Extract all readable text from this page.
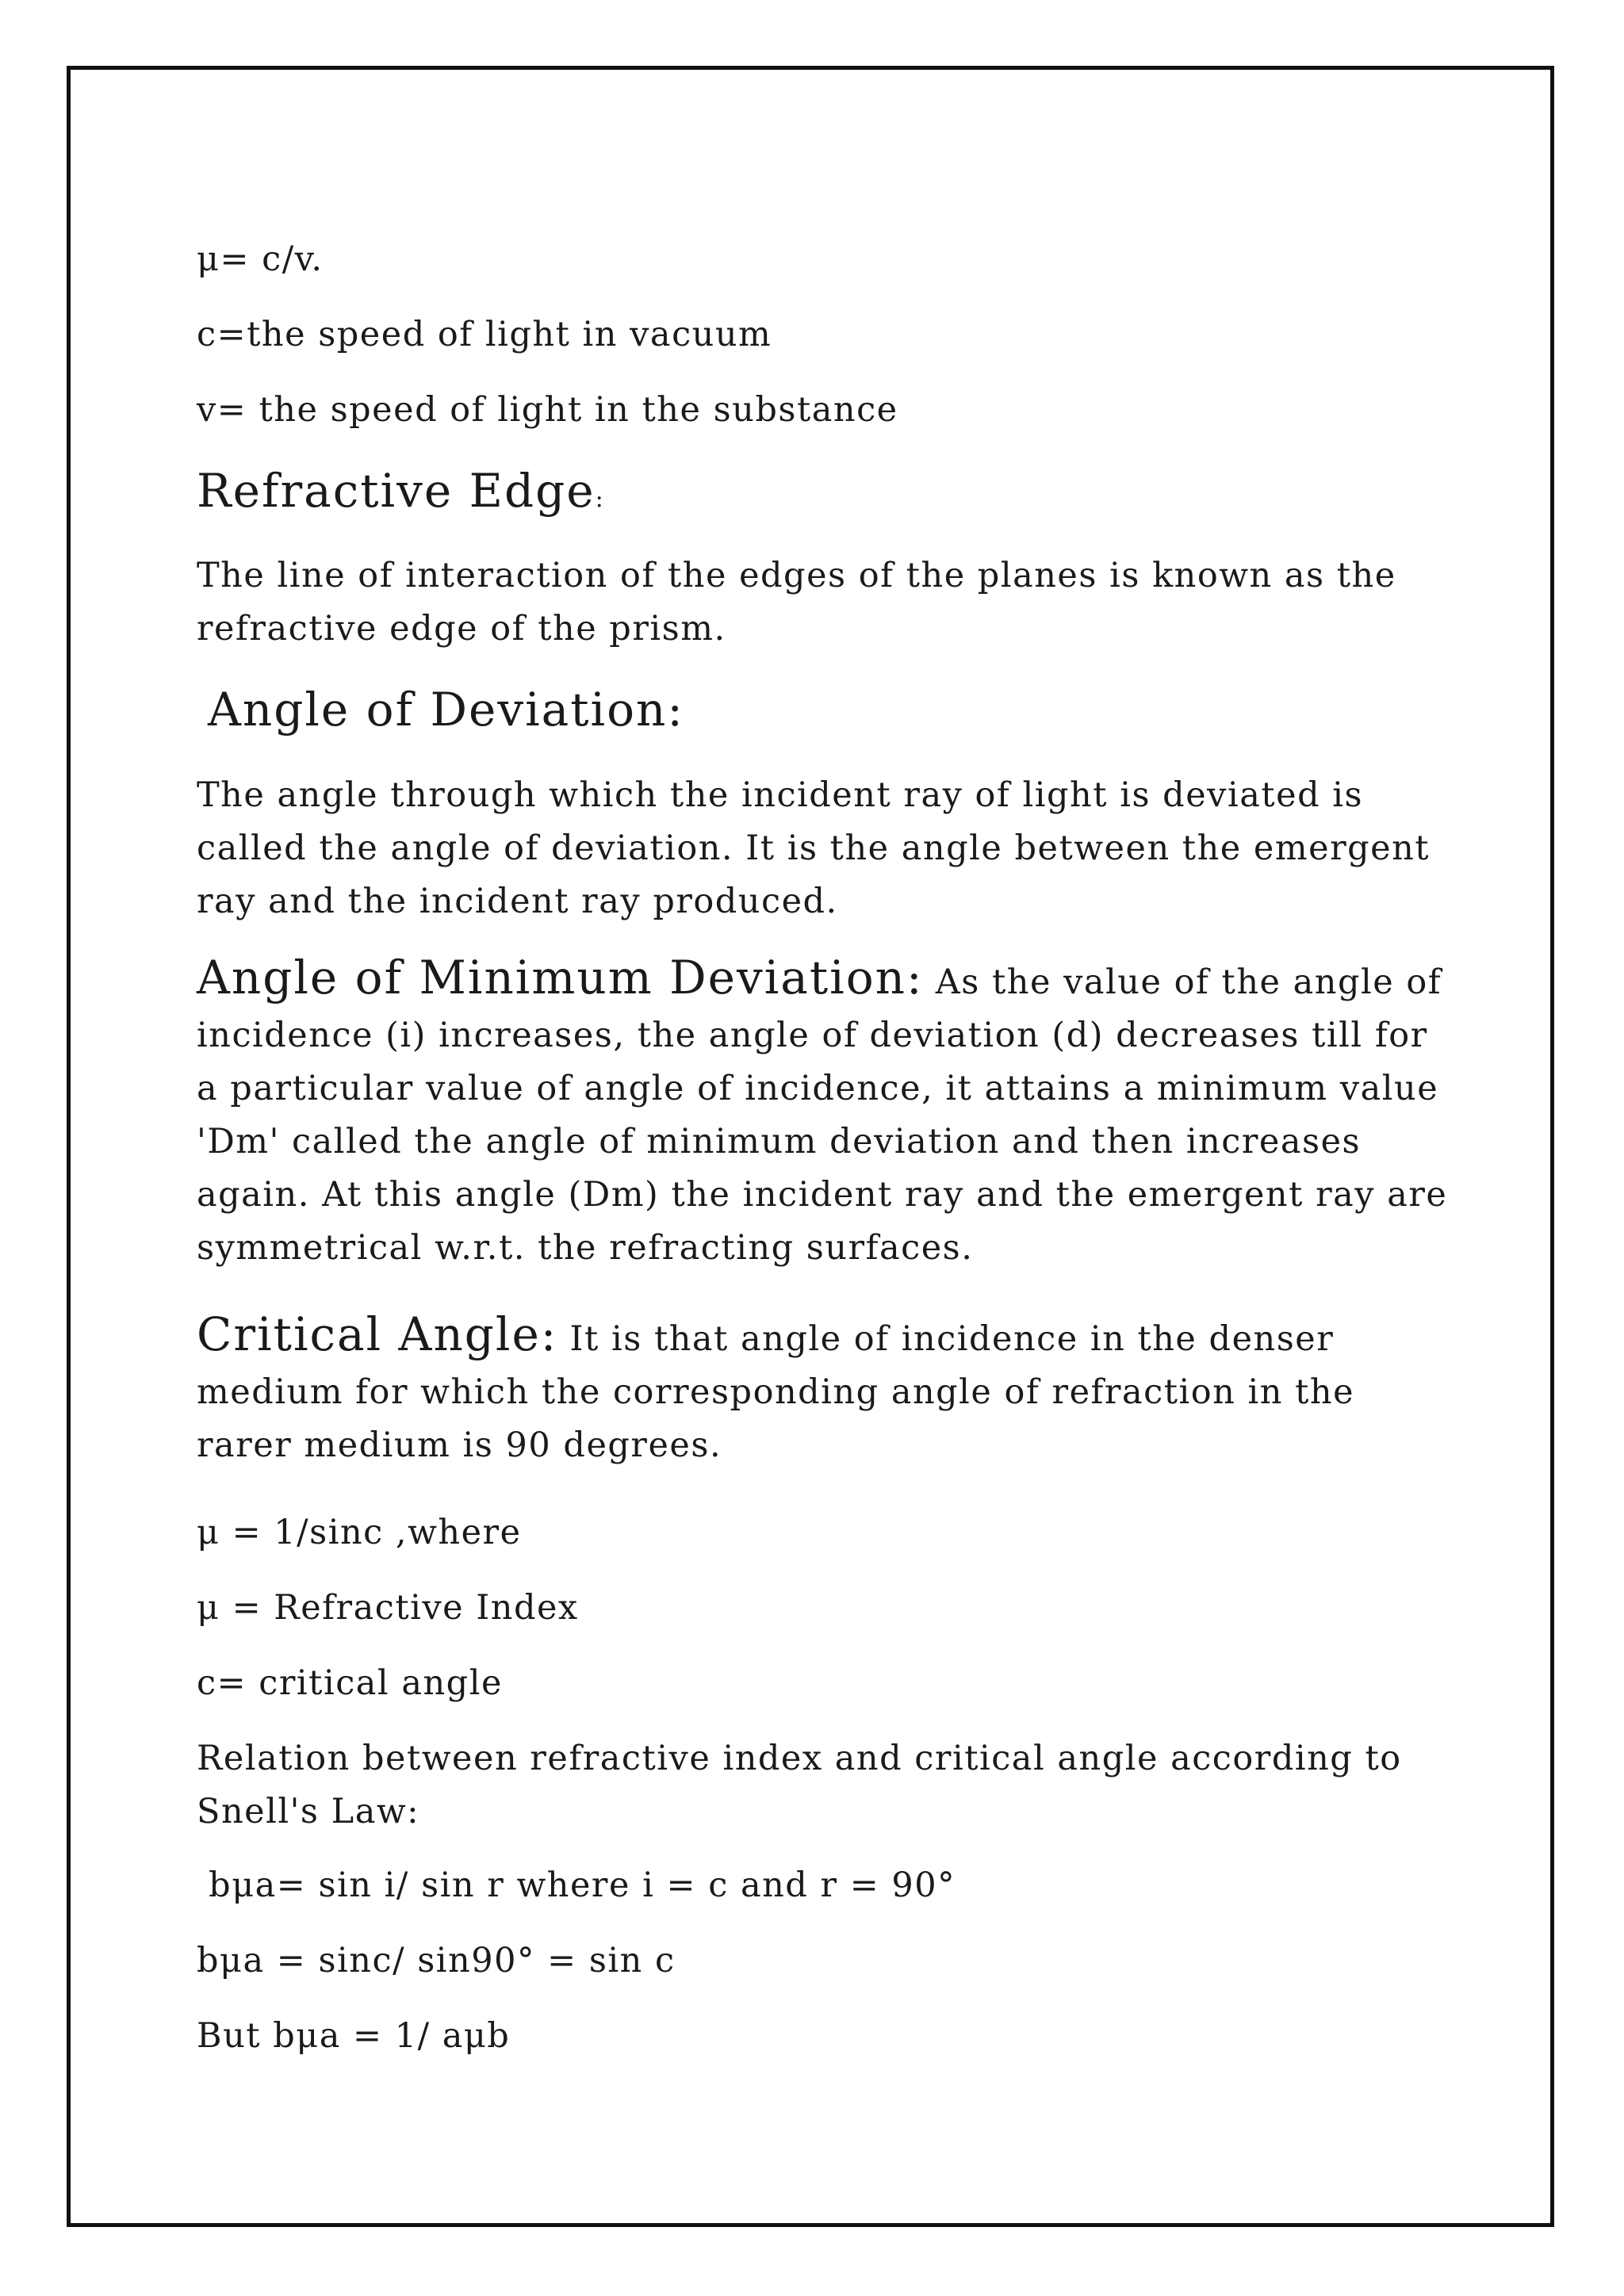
μ= c/v.
c=the speed of light in vacuum
v= the speed of light in the substance
Refractive Edge:

The line of interaction of the edges of the planes is known as the refractive edge of the prism.

Angle of Deviation:

The angle through which the incident ray of light is deviated is called the angle of deviation. It is the angle between the emergent ray and the incident ray produced.

Angle of Minimum Deviation: As the value of the angle of incidence (i) increases, the angle of deviation (d) decreases till for a particular value of angle of incidence, it attains a minimum value 'Dm' called the angle of minimum deviation and then increases again. At this angle (Dm) the incident ray and the emergent ray are symmetrical w.r.t. the refracting surfaces.

Critical Angle: It is that angle of incidence in the denser medium for which the corresponding angle of refraction in the rarer medium is 90 degrees.

μ = 1/sinc ,where
μ = Refractive Index
c= critical angle

Relation between refractive index and critical angle according to Snell's Law:

bμa= sin i/ sin r where i = c and r = 90°
bμa = sinc/ sin90° = sin c
But bμa = 1/ aμb
